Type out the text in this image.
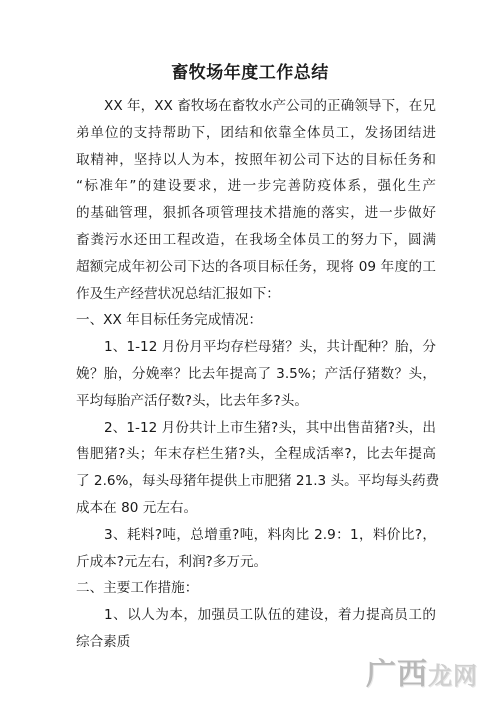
畜牧场年度工作总结
XX 年，XX 畜牧场在畜牧水产公司的正确领导下，在兄
弟单位的支持帮助下，团结和依靠全体员工，发扬团结进
取精神，坚持以人为本，按照年初公司下达的目标任务和
“标准年”的建设要求，进一步完善防疫体系，强化生产
的基础管理，狠抓各项管理技术措施的落实，进一步做好
畜粪污水还田工程改造，在我场全体员工的努力下，圆满
超额完成年初公司下达的各项目标任务，现将 09 年度的工
作及生产经营状况总结汇报如下：
一、XX 年目标任务完成情况：
1、1-12 月份月平均存栏母猪？头，共计配种？胎，分
娩？胎，分娩率？比去年提高了 3.5%；产活仔猪数？头，
平均每胎产活仔数?头，比去年多?头。
2、1-12 月份共计上市生猪?头，其中出售苗猪?头，出
售肥猪?头；年末存栏生猪?头，全程成活率?，比去年提高
了 2.6%，每头母猪年提供上市肥猪 21.3 头。平均每头药费
成本在 80 元左右。
3、耗料?吨，总增重?吨，料肉比 2.9：1，料价比?，
斤成本?元左右，利润?多万元。
二、主要工作措施：
1、以人为本，加强员工队伍的建设，着力提高员工的
综合素质
广西龙网
